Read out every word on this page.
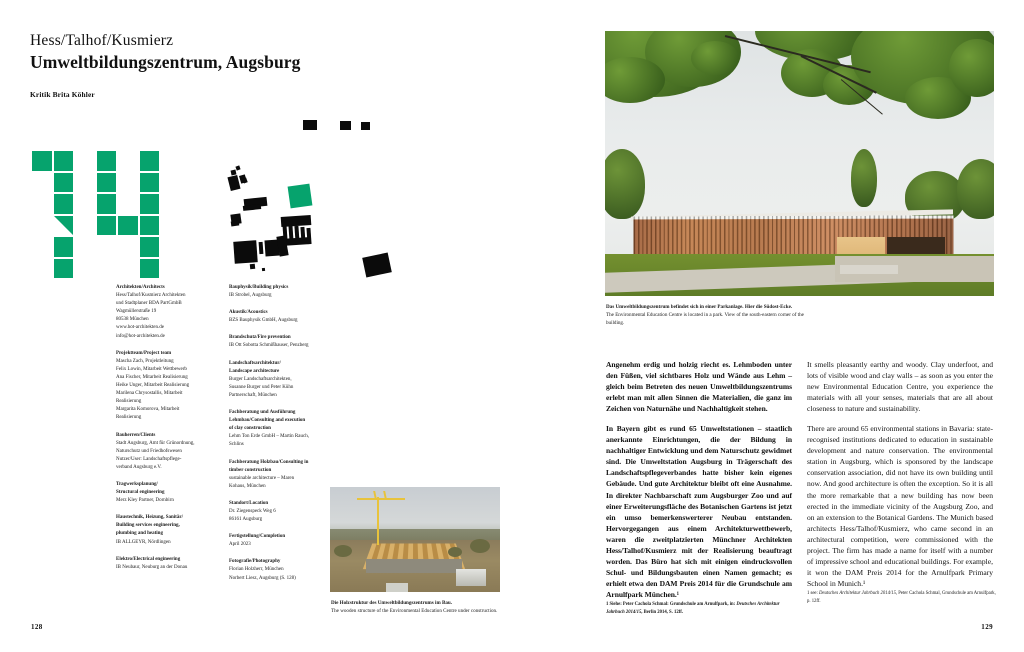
Hess/Talhof/Kusmierz
Umweltbildungszentrum, Augsburg
Kritik Brita Köhler
Architekten/Architects
Hess/Talhof/Kusmierz Architekten
und Stadtplaner BDA PartGmbB
Wagmüllerstraße 19
80538 München
www.hot-architekten.de
info@hot-architekten.de
Projektteam/Project team
Mascha Zach, Projektleitung
Felix Lowin, Mitarbeit Wettbewerb
Ana Fischer, Mitarbeit Realisierung
Heike Unger, Mitarbeit Realisierung
Marilena Chrysostallis, Mitarbeit
Realisierung
Margarita Komorova, Mitarbeit
Realisierung
Bauherren/Clients
Stadt Augsburg, Amt für Grünordnung,
Naturschutz und Friedhofswesen
Nutzer/User: Landschaftspflege-
verband Augsburg e.V.
Tragwerksplanung/
Structural engineering
Merz Kley Partner, Dornbirn
Haustechnik, Heizung, Sanitär/
Building services engineering,
plumbing and heating
IB ALLGEYR, Nördlingen
Elektro/Electrical engineering
IB Neubaur, Neuburg an der Donau
Bauphysik/Building physics
IB Strobel, Augsburg
Akustik/Acoustics
BZS Bauphysik GmbH, Augsburg
Brandschutz/Fire prevention
IB Ott Sobotta Schmißhauser, Penzberg
Landschaftsarchitektur/
Landscape architecture
Burger Landschaftsarchitekten,
Susanne Burger und Peter Kühn
Partnerschaft, München
Fachberatung und Ausführung
Lehmbau/Consulting and execution
of clay construction
Lehm Ton Erde GmbH – Martin Rauch,
Schlins
Fachberatung Holzbau/Consulting in
timber construction
sustainable architecture – Maren
Kohaus, München
Standort/Location
Dr. Ziegenspeck Weg 6
86161 Augsburg
Fertigstellung/Completion
April 2023
Fotografie/Photography
Florian Holzherr, München
Norbert Liesz, Augsburg (S. 128)
Die Holzstruktur des Umweltbildungszentrums im Bau.
The wooden structure of the Environmental Education Centre under construction.
128
Das Umweltbildungszentrum befindet sich in einer Parkanlage. Hier die Südost-Ecke.
The Environmental Education Centre is located in a park. View of the south-eastern corner of the building.

Angenehm erdig und holzig riecht es. Lehmboden unter den Füßen, viel sichtbares Holz und Wände aus Lehm – gleich beim Betreten des neuen Umweltbildungszentrums erlebt man mit allen Sinnen die Materialien, die ganz im Zeichen von Naturnähe und Nachhaltigkeit stehen.

In Bayern gibt es rund 65 Umweltstationen – staatlich anerkannte Einrichtungen, die der Bildung in nachhaltiger Entwicklung und dem Naturschutz gewidmet sind. Die Umweltstation Augsburg in Trägerschaft des Landschaftspflegeverbandes hatte bisher kein eigenes Gebäude. Und gute Architektur bleibt oft eine Ausnahme. In direkter Nachbarschaft zum Augsburger Zoo und auf einer Erweiterungsfläche des Botanischen Gartens ist jetzt ein umso bemerkenswerterer Neubau entstanden. Hervorgegangen aus einem Architekturwettbewerb, waren die zweitplatzierten Münchner Architekten Hess/Talhof/Kusmierz mit der Realisierung beauftragt worden. Das Büro hat sich mit einigen eindrucksvollen Schul- und Bildungsbauten einen Namen gemacht; es erhielt etwa den DAM Preis 2014 für die Grundschule am Arnulfpark München.¹

It smells pleasantly earthy and woody. Clay underfoot, and lots of visible wood and clay walls – as soon as you enter the new Environmental Education Centre, you experience the materials with all your senses, materials that are all about closeness to nature and sustainability.

There are around 65 environmental stations in Bavaria: state-recognised institutions dedicated to education in sustainable development and nature conservation. The environmental station in Augsburg, which is sponsored by the landscape conservation association, did not have its own building until now. And good architecture is often the exception. So it is all the more remarkable that a new building has now been erected in the immediate vicinity of the Augsburg Zoo, and on an extension to the Botanical Gardens. The Munich based architects Hess/Talhof/Kusmierz, who came second in an architectural competition, were commissioned with the project. The firm has made a name for itself with a number of impressive school and educational buildings. For example, it won the DAM Preis 2014 for the Arnulfpark Primary School in Munich.¹

1 Siehe: Peter Cachola Schmal: Grundschule am Arnulfpark, in: Deutsches Architektur Jahrbuch 2014/15, Berlin 2014, S. 12ff.
1 see: Deutsches Architektur Jahrbuch 2014/15, Peter Cachola Schmal, Grundschule am Arnulfpark, p. 12ff.
129
